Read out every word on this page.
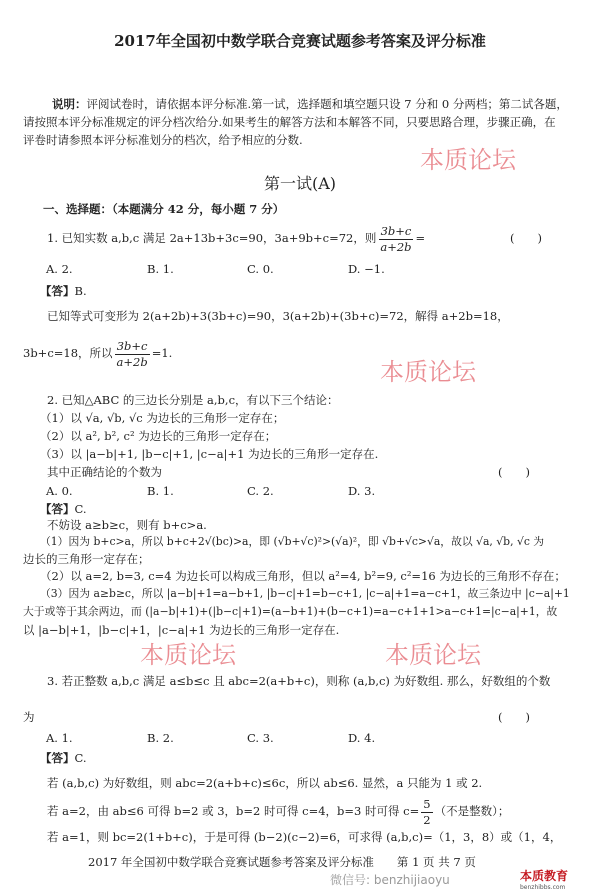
2017年全国初中数学联合竞赛试题参考答案及评分标准
说明：评阅试卷时，请依据本评分标准.第一试，选择题和填空题只设 7 分和 0 分两档；第二试各题，
请按照本评分标准规定的评分档次给分.如果考生的解答方法和本解答不同，只要思路合理，步骤正确，在
评卷时请参照本评分标准划分的档次，给予相应的分数.
第一试(A)
一、选择题：（本题满分 42 分，每小题 7 分）
1. 已知实数 a,b,c 满足 2a+13b+3c=90，3a+9b+c=72，则 $\frac{3b+c}{a+2b}$ =	(　　)
A. 2.	B. 1.	C. 0.	D. −1.
【答】B.
已知等式可变形为 2(a+2b)+3(3b+c)=90，3(a+2b)+(3b+c)=72，解得 a+2b=18，
3b+c=18，所以 $\frac{3b+c}{a+2b} =1$.
2. 已知△ABC 的三边长分别是 a,b,c，有以下三个结论：
（1）以 √a, √b, √c 为边长的三角形一定存在；
（2）以 a², b², c² 为边长的三角形一定存在；
（3）以 |a−b|+1, |b−c|+1, |c−a|+1 为边长的三角形一定存在.
其中正确结论的个数为	(　　)
A. 0.	B. 1.	C. 2.	D. 3.
【答】C.
不妨设 a≥b≥c，则有 b+c>a.
（1）因为 b+c>a，所以 b+c+2√(bc)>a，即 (√b+√c)²>(√a)²，即 √b+√c>√a，故以 √a, √b, √c 为
边长的三角形一定存在；
（2）以 a=2, b=3, c=4 为边长可以构成三角形，但以 a²=4, b²=9, c²=16 为边长的三角形不存在；
（3）因为 a≥b≥c，所以 |a−b|+1=a−b+1, |b−c|+1=b−c+1, |c−a|+1=a−c+1，故三条边中 |c−a|+1
大于或等于其余两边，而 (|a−b|+1)+(|b−c|+1)=(a−b+1)+(b−c+1)=a−c+1+1>a−c+1=|c−a|+1，故
以 |a−b|+1，|b−c|+1，|c−a|+1 为边长的三角形一定存在.
3. 若正整数 a,b,c 满足 a≤b≤c 且 abc=2(a+b+c)，则称 (a,b,c) 为好数组. 那么，好数组的个数
为	(　　)
A. 1.	B. 2.	C. 3.	D. 4.
【答】C.
若 (a,b,c) 为好数组，则 abc=2(a+b+c)≤6c，所以 ab≤6. 显然，a 只能为 1 或 2.
若 a=2，由 ab≤6 可得 b=2 或 3，b=2 时可得 c=4，b=3 时可得 $c= \frac{5}{2}$ （不是整数）；
若 a=1，则 bc=2(1+b+c)，于是可得 (b−2)(c−2)=6，可求得 (a,b,c)=（1，3，8）或（1，4，
2017 年全国初中数学联合竞赛试题参考答案及评分标准　　第 1 页 共 7 页
微信号: benzhijiaoyu	本质教育
benzhibbs.com
本质论坛
本质论坛
本质论坛	本质论坛
